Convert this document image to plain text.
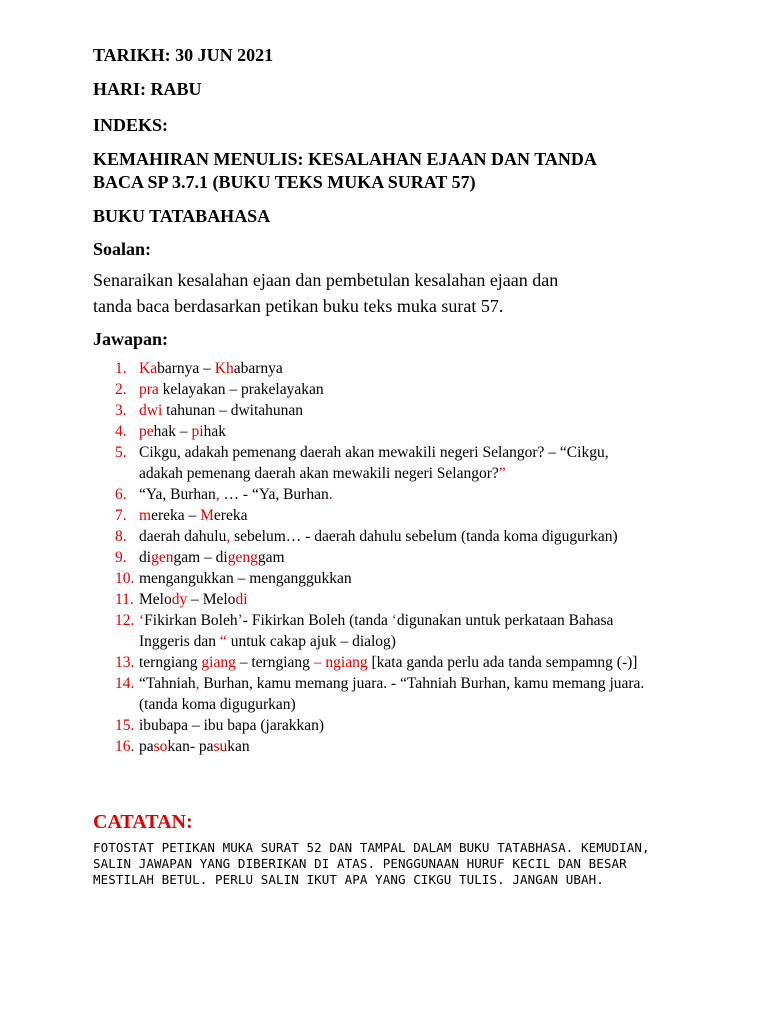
TARIKH: 30 JUN 2021
HARI: RABU
INDEKS:
KEMAHIRAN MENULIS: KESALAHAN EJAAN DAN TANDA
BACA SP 3.7.1 (BUKU TEKS MUKA SURAT 57)
BUKU TATABAHASA
Soalan:
Senaraikan kesalahan ejaan dan pembetulan kesalahan ejaan dan
tanda baca berdasarkan petikan buku teks muka surat 57.
Jawapan:
1. Kabarnya – Khabarnya
2. pra kelayakan – prakelayakan
3. dwi tahunan – dwitahunan
4. pehak – pihak
5. Cikgu, adakah pemenang daerah akan mewakili negeri Selangor? – “Cikgu, adakah pemenang daerah akan mewakili negeri Selangor?”
6. “Ya, Burhan, … - “Ya, Burhan.
7. mereka – Mereka
8. daerah dahulu, sebelum… - daerah dahulu sebelum (tanda koma digugurkan)
9. digengam – digenggam
10. mengangukkan – menganggukkan
11. Melody – Melodi
12. ‘Fikirkan Boleh’- Fikirkan Boleh (tanda ‘digunakan untuk perkataan Bahasa Inggeris dan “ untuk cakap ajuk – dialog)
13. terngiang giang – terngiang – ngiang [kata ganda perlu ada tanda sempamng (-)]
14. “Tahniah, Burhan, kamu memang juara. - “Tahniah Burhan, kamu memang juara. (tanda koma digugurkan)
15. ibubapa – ibu bapa (jarakkan)
16. pasokan- pasukan
CATATAN:
FOTOSTAT PETIKAN MUKA SURAT 52 DAN TAMPAL DALAM BUKU TATABHASA. KEMUDIAN, SALIN JAWAPAN YANG DIBERIKAN DI ATAS. PENGGUNAAN HURUF KECIL DAN BESAR MESTILAH BETUL. PERLU SALIN IKUT APA YANG CIKGU TULIS. JANGAN UBAH.
